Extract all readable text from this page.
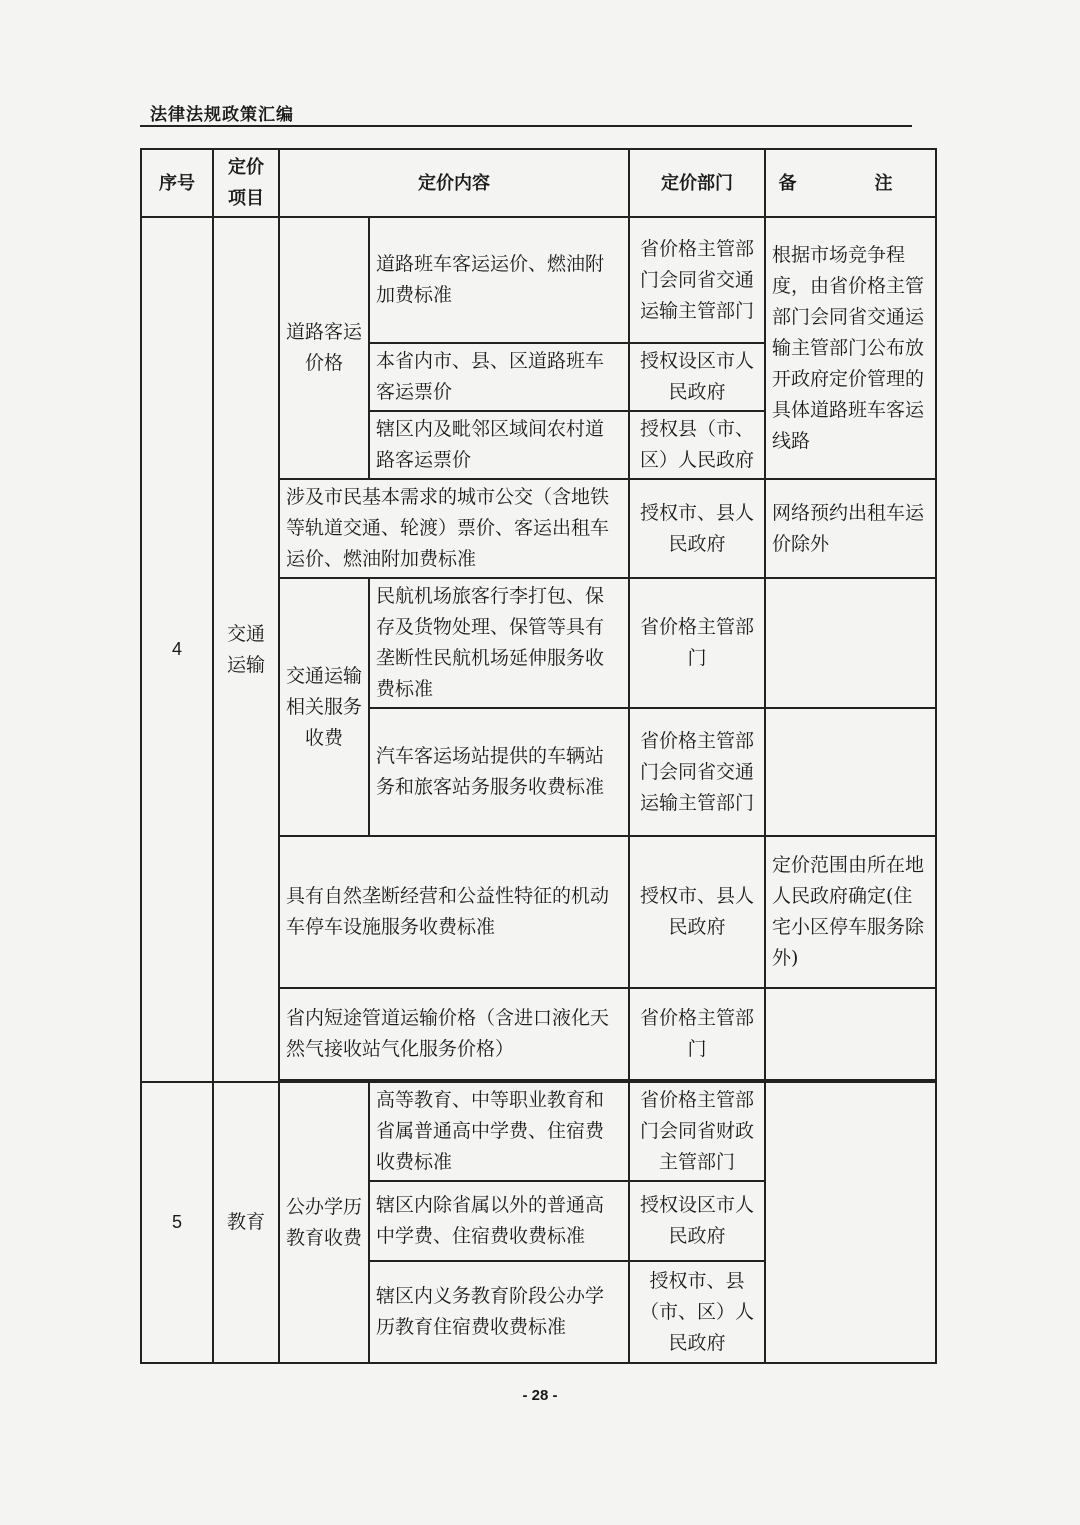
法律法规政策汇编
序号	定价项目	定价内容		定价部门	备　注
4	交通运输	道路客运价格	道路班车客运运价、燃油附加费标准	省价格主管部门会同省交通运输主管部门	根据市场竞争程度，由省价格主管部门会同省交通运输主管部门公布放开政府定价管理的具体道路班车客运线路
			本省内市、县、区道路班车客运票价	授权设区市人民政府	
			辖区内及毗邻区域间农村道路客运票价	授权县（市、区）人民政府	
		涉及市民基本需求的城市公交（含地铁等轨道交通、轮渡）票价、客运出租车运价、燃油附加费标准		授权市、县人民政府	网络预约出租车运价除外
		交通运输相关服务收费	民航机场旅客行李打包、保存及货物处理、保管等具有垄断性民航机场延伸服务收费标准	省价格主管部门	
			汽车客运场站提供的车辆站务和旅客站务服务收费标准	省价格主管部门会同省交通运输主管部门	
		具有自然垄断经营和公益性特征的机动车停车设施服务收费标准		授权市、县人民政府	定价范围由所在地人民政府确定(住宅小区停车服务除外)
		省内短途管道运输价格（含进口液化天然气接收站气化服务价格）		省价格主管部门	

5	教育	公办学历教育收费	高等教育、中等职业教育和省属普通高中学费、住宿费收费标准	省价格主管部门会同省财政主管部门	
			辖区内除省属以外的普通高中学费、住宿费收费标准	授权设区市人民政府	
			辖区内义务教育阶段公办学历教育住宿费收费标准	授权市、县（市、区）人民政府	
- 28 -
